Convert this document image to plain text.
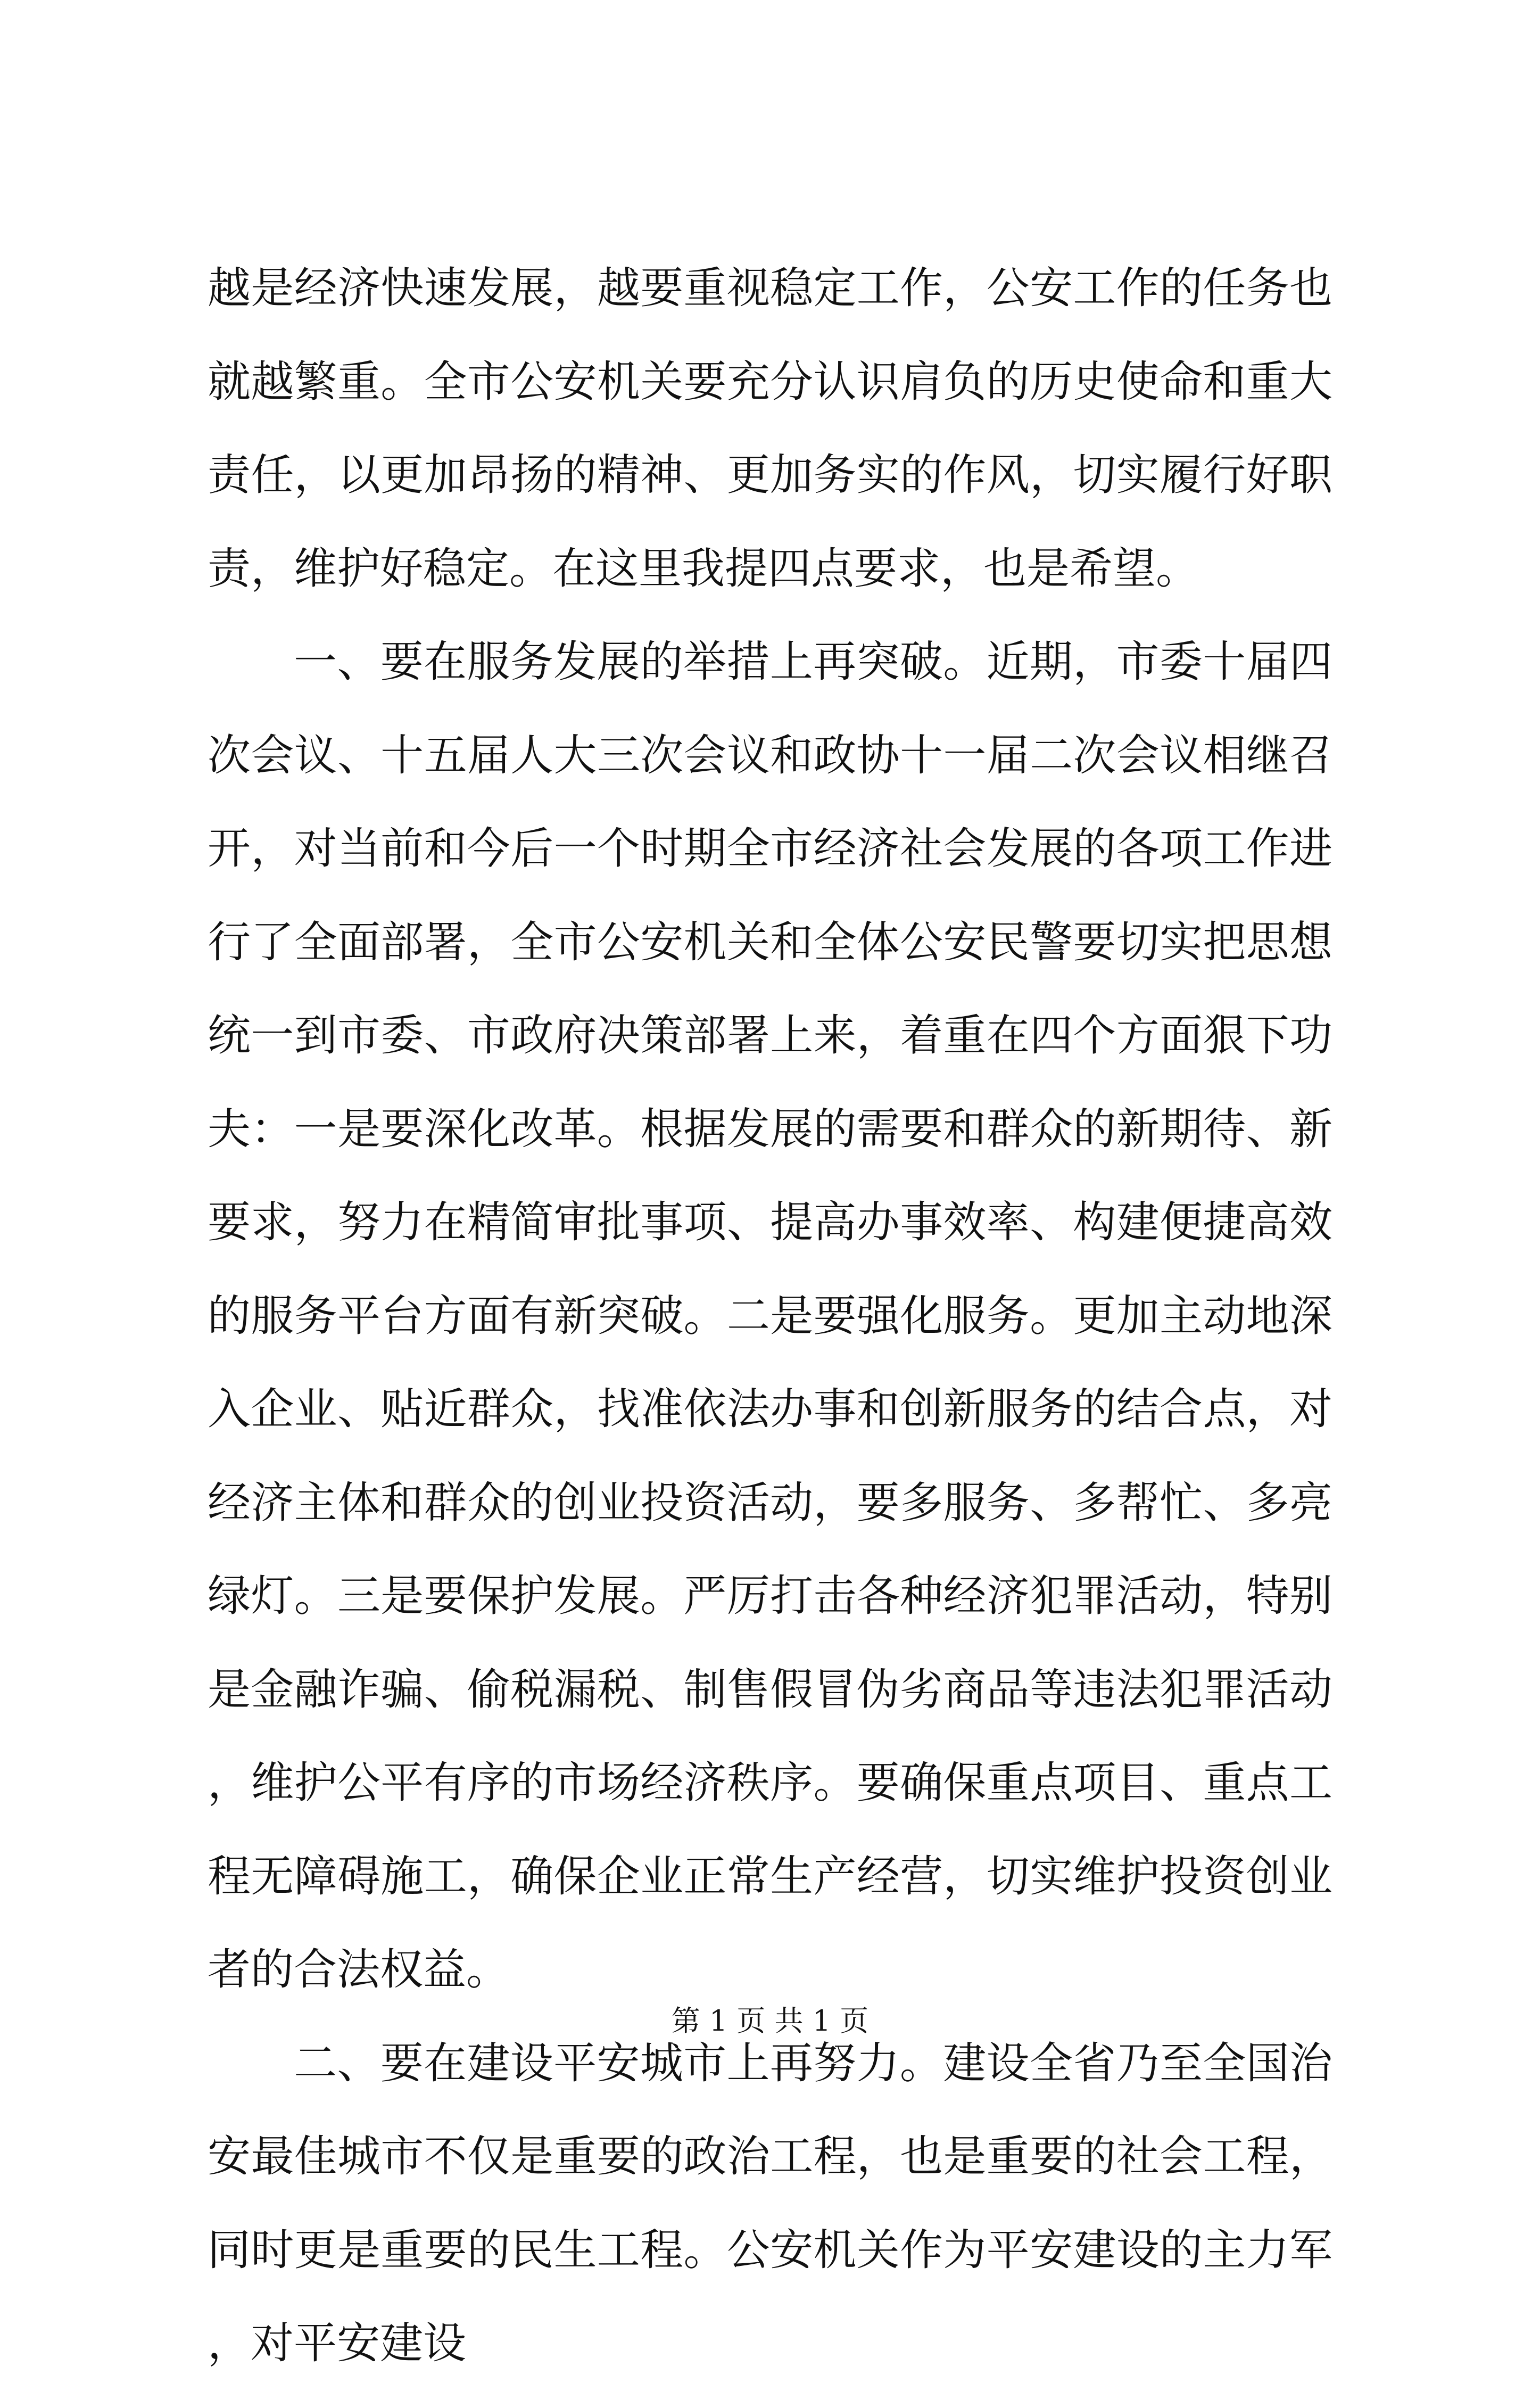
越是经济快速发展，越要重视稳定工作，公安工作的任务也就越繁重。全市公安机关要充分认识肩负的历史使命和重大责任，以更加昂扬的精神、更加务实的作风，切实履行好职责，维护好稳定。在这里我提四点要求，也是希望。

一、要在服务发展的举措上再突破。近期，市委十届四次会议、十五届人大三次会议和政协十一届二次会议相继召开，对当前和今后一个时期全市经济社会发展的各项工作进行了全面部署，全市公安机关和全体公安民警要切实把思想统一到市委、市政府决策部署上来，着重在四个方面狠下功夫：一是要深化改革。根据发展的需要和群众的新期待、新要求，努力在精简审批事项、提高办事效率、构建便捷高效的服务平台方面有新突破。二是要强化服务。更加主动地深入企业、贴近群众，找准依法办事和创新服务的结合点，对经济主体和群众的创业投资活动，要多服务、多帮忙、多亮绿灯。三是要保护发展。严厉打击各种经济犯罪活动，特别是金融诈骗、偷税漏税、制售假冒伪劣商品等违法犯罪活动，维护公平有序的市场经济秩序。要确保重点项目、重点工程无障碍施工，确保企业正常生产经营，切实维护投资创业者的合法权益。

二、要在建设平安城市上再努力。建设全省乃至全国治安最佳城市不仅是重要的政治工程，也是重要的社会工程，同时更是重要的民生工程。公安机关作为平安建设的主力军，对平安建设

第 1 页 共 1 页
